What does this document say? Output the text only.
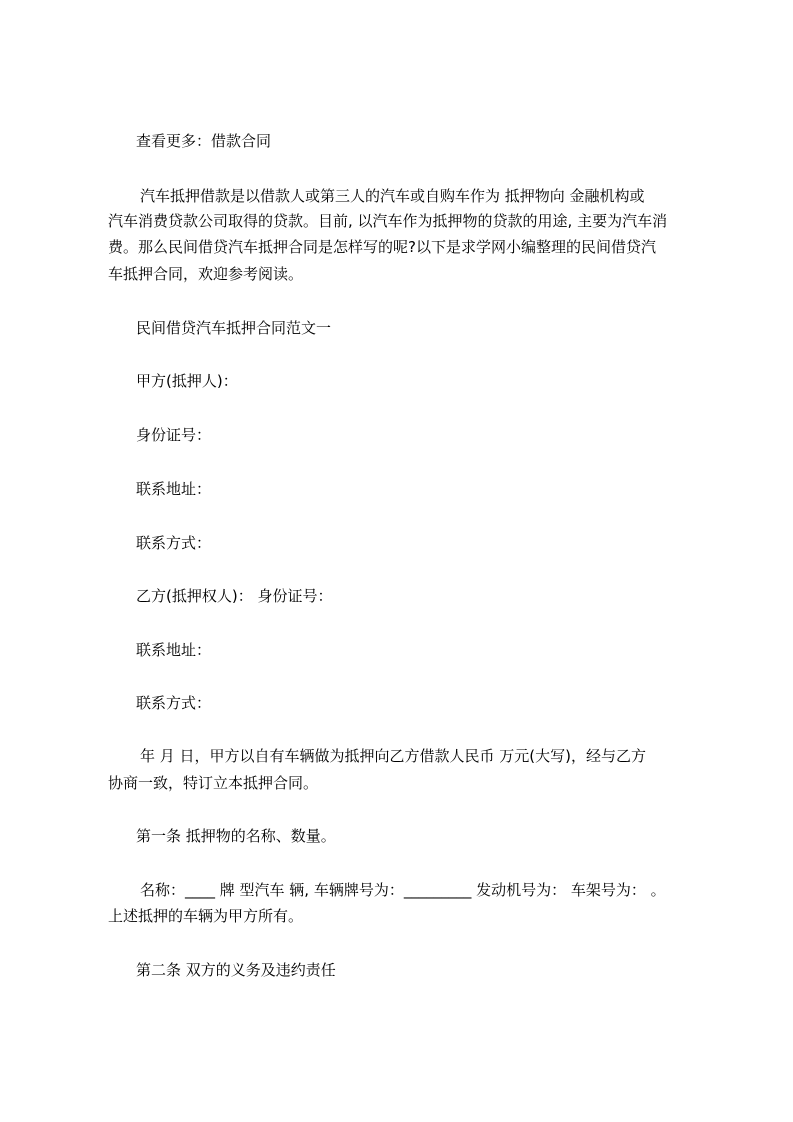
查看更多：借款合同
汽车抵押借款是以借款人或第三人的汽车或自购车作为 抵押物向 金融机构或
汽车消费贷款公司取得的贷款。目前, 以汽车作为抵押物的贷款的用途, 主要为汽车消
费。那么民间借贷汽车抵押合同是怎样写的呢?以下是求学网小编整理的民间借贷汽
车抵押合同，欢迎参考阅读。
民间借贷汽车抵押合同范文一
甲方(抵押人)：
身份证号：
联系地址：
联系方式：
乙方(抵押权人)： 身份证号：
联系地址：
联系方式：
年 月 日，甲方以自有车辆做为抵押向乙方借款人民币 万元(大写)，经与乙方
协商一致，特订立本抵押合同。
第一条 抵押物的名称、数量。
名称：____ 牌 型汽车 辆, 车辆牌号为：_________ 发动机号为： 车架号为： 。
上述抵押的车辆为甲方所有。
第二条 双方的义务及违约责任
